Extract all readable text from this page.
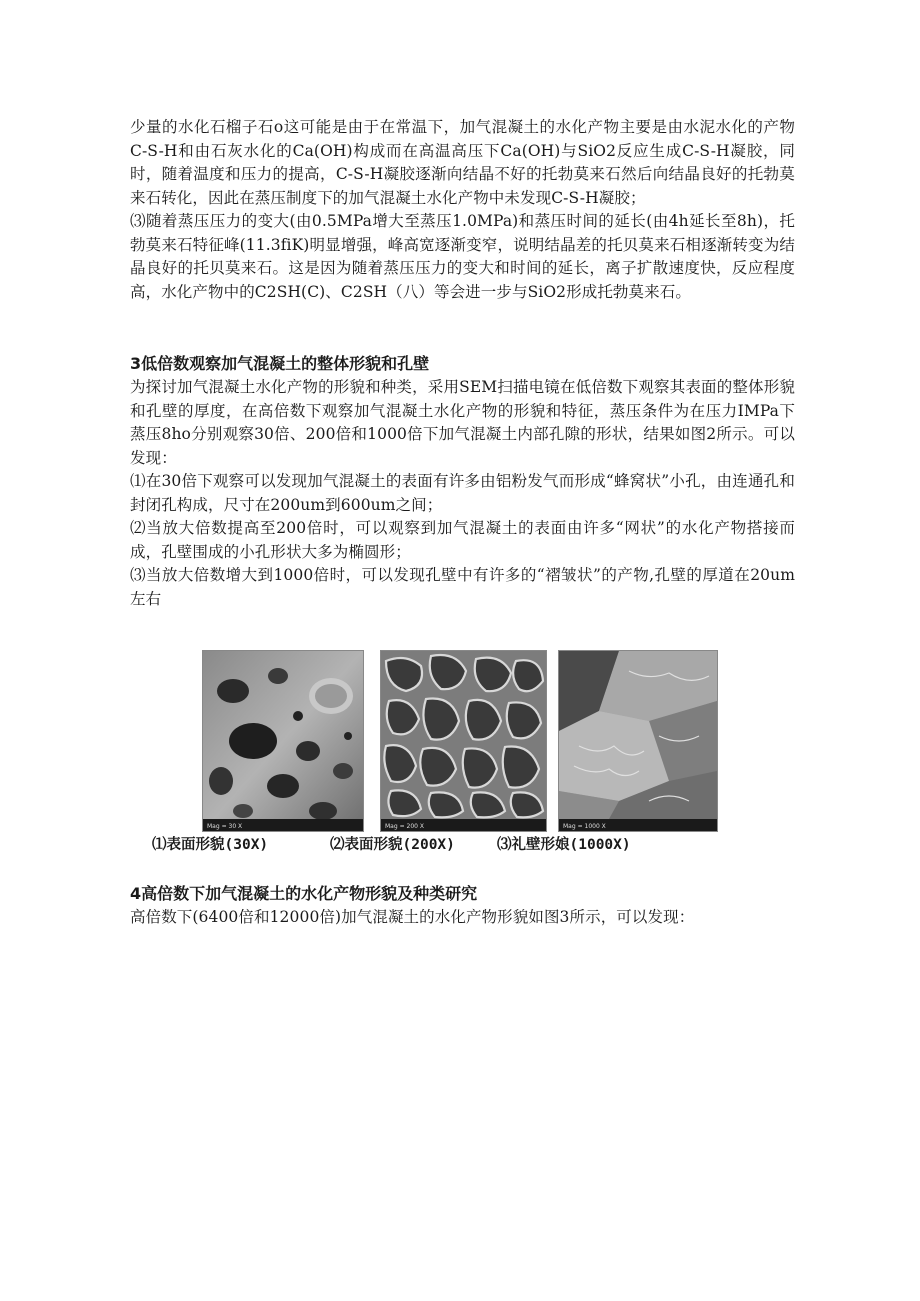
少量的水化石榴子石o这可能是由于在常温下，加气混凝土的水化产物主要是由水泥水化的产物C-S-H和由石灰水化的Ca(OH)构成而在高温高压下Ca(OH)与SiO2反应生成C-S-H凝胶，同时，随着温度和压力的提高，C-S-H凝胶逐渐向结晶不好的托勃莫来石然后向结晶良好的托勃莫来石转化，因此在蒸压制度下的加气混凝土水化产物中未发现C-S-H凝胶；

⑶随着蒸压压力的变大(由0.5MPa增大至蒸压1.0MPa)和蒸压时间的延长(由4h延长至8h)，托勃莫来石特征峰(11.3fiK)明显增强，峰高宽逐渐变窄，说明结晶差的托贝莫来石相逐渐转变为结晶良好的托贝莫来石。这是因为随着蒸压压力的变大和时间的延长，离子扩散速度快，反应程度高，水化产物中的C2SH(C)、C2SH（八）等会进一步与SiO2形成托勃莫来石。

3低倍数观察加气混凝土的整体形貌和孔壁

为探讨加气混凝土水化产物的形貌和种类，采用SEM扫描电镜在低倍数下观察其表面的整体形貌和孔壁的厚度，在高倍数下观察加气混凝土水化产物的形貌和特征，蒸压条件为在压力IMPa下蒸压8ho分别观察30倍、200倍和1000倍下加气混凝土内部孔隙的形状，结果如图2所示。可以发现：

⑴在30倍下观察可以发现加气混凝土的表面有许多由铝粉发气而形成“蜂窝状”小孔，由连通孔和封闭孔构成，尺寸在200um到600um之间；

⑵当放大倍数提高至200倍时，可以观察到加气混凝土的表面由许多“网状”的水化产物搭接而成，孔壁围成的小孔形状大多为椭圆形；

⑶当放大倍数增大到1000倍时，可以发现孔壁中有许多的“褶皱状”的产物,孔壁的厚道在20um左右

Mag = 30 X	Mag = 200 X	Mag = 1000 X
⑴表面形貌(30X)	⑵表面形貌(200X)	⑶礼壁形娘(1000X)

4高倍数下加气混凝土的水化产物形貌及种类研究

高倍数下(6400倍和12000倍)加气混凝土的水化产物形貌如图3所示，可以发现：
